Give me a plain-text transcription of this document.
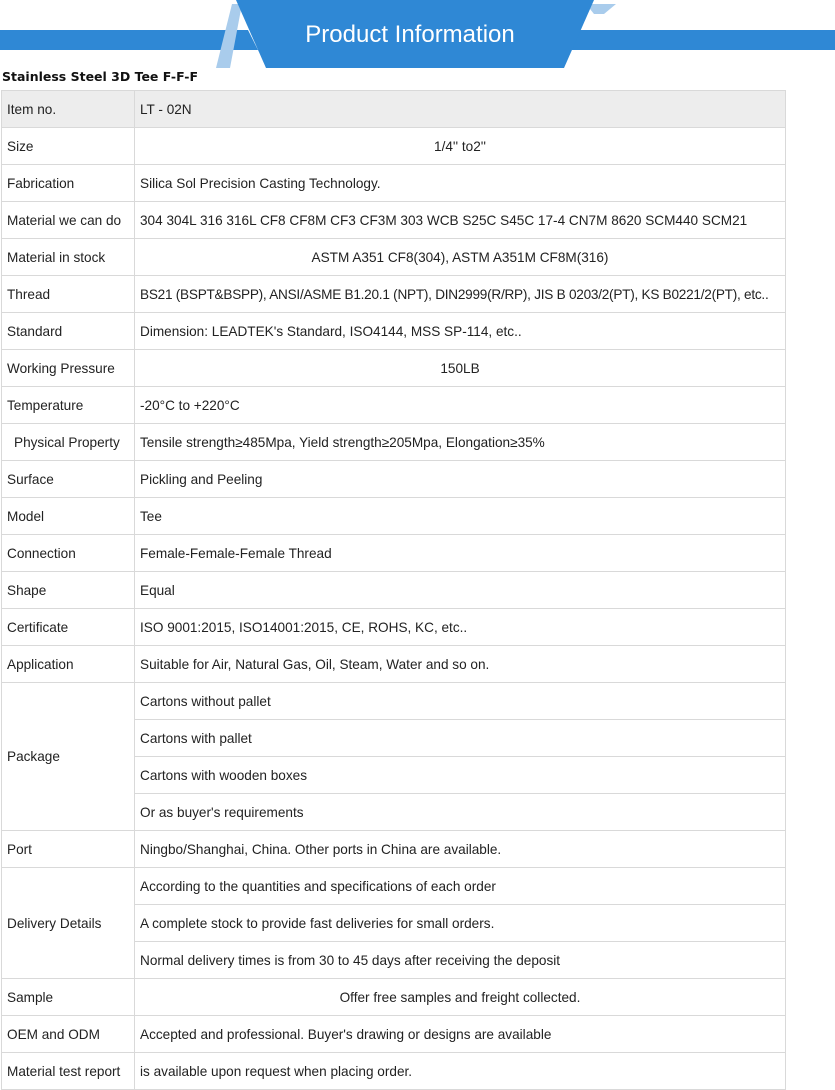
Product Information
Stainless Steel 3D Tee F-F-F
Item no.	LT - 02N
Size	1/4'' to2''
Fabrication	Silica Sol Precision Casting Technology.
Material we can do	304 304L 316 316L CF8 CF8M CF3 CF3M 303 WCB S25C S45C 17-4 CN7M 8620 SCM440 SCM21
Material in stock	ASTM A351 CF8(304), ASTM A351M CF8M(316)
Thread	BS21 (BSPT&BSPP), ANSI/ASME B1.20.1 (NPT), DIN2999(R/RP), JIS B 0203/2(PT), KS B0221/2(PT), etc..
Standard	Dimension: LEADTEK's Standard, ISO4144, MSS SP-114, etc..
Working Pressure	150LB
Temperature	-20°C to +220°C
Physical Property	Tensile strength≥485Mpa, Yield strength≥205Mpa, Elongation≥35%
Surface	Pickling and Peeling
Model	Tee
Connection	Female-Female-Female Thread
Shape	Equal
Certificate	ISO 9001:2015, ISO14001:2015, CE, ROHS, KC, etc..
Application	Suitable for Air, Natural Gas, Oil, Steam, Water and so on.
Package	Cartons without pallet
	Cartons with pallet
	Cartons with wooden boxes
	Or as buyer's requirements
Port	Ningbo/Shanghai, China. Other ports in China are available.
Delivery Details	According to the quantities and specifications of each order
	A complete stock to provide fast deliveries for small orders.
	Normal delivery times is from 30 to 45 days after receiving the deposit
Sample	Offer free samples and freight collected.
OEM and ODM	Accepted and professional. Buyer's drawing or designs are available
Material test report	is available upon request when placing order.
